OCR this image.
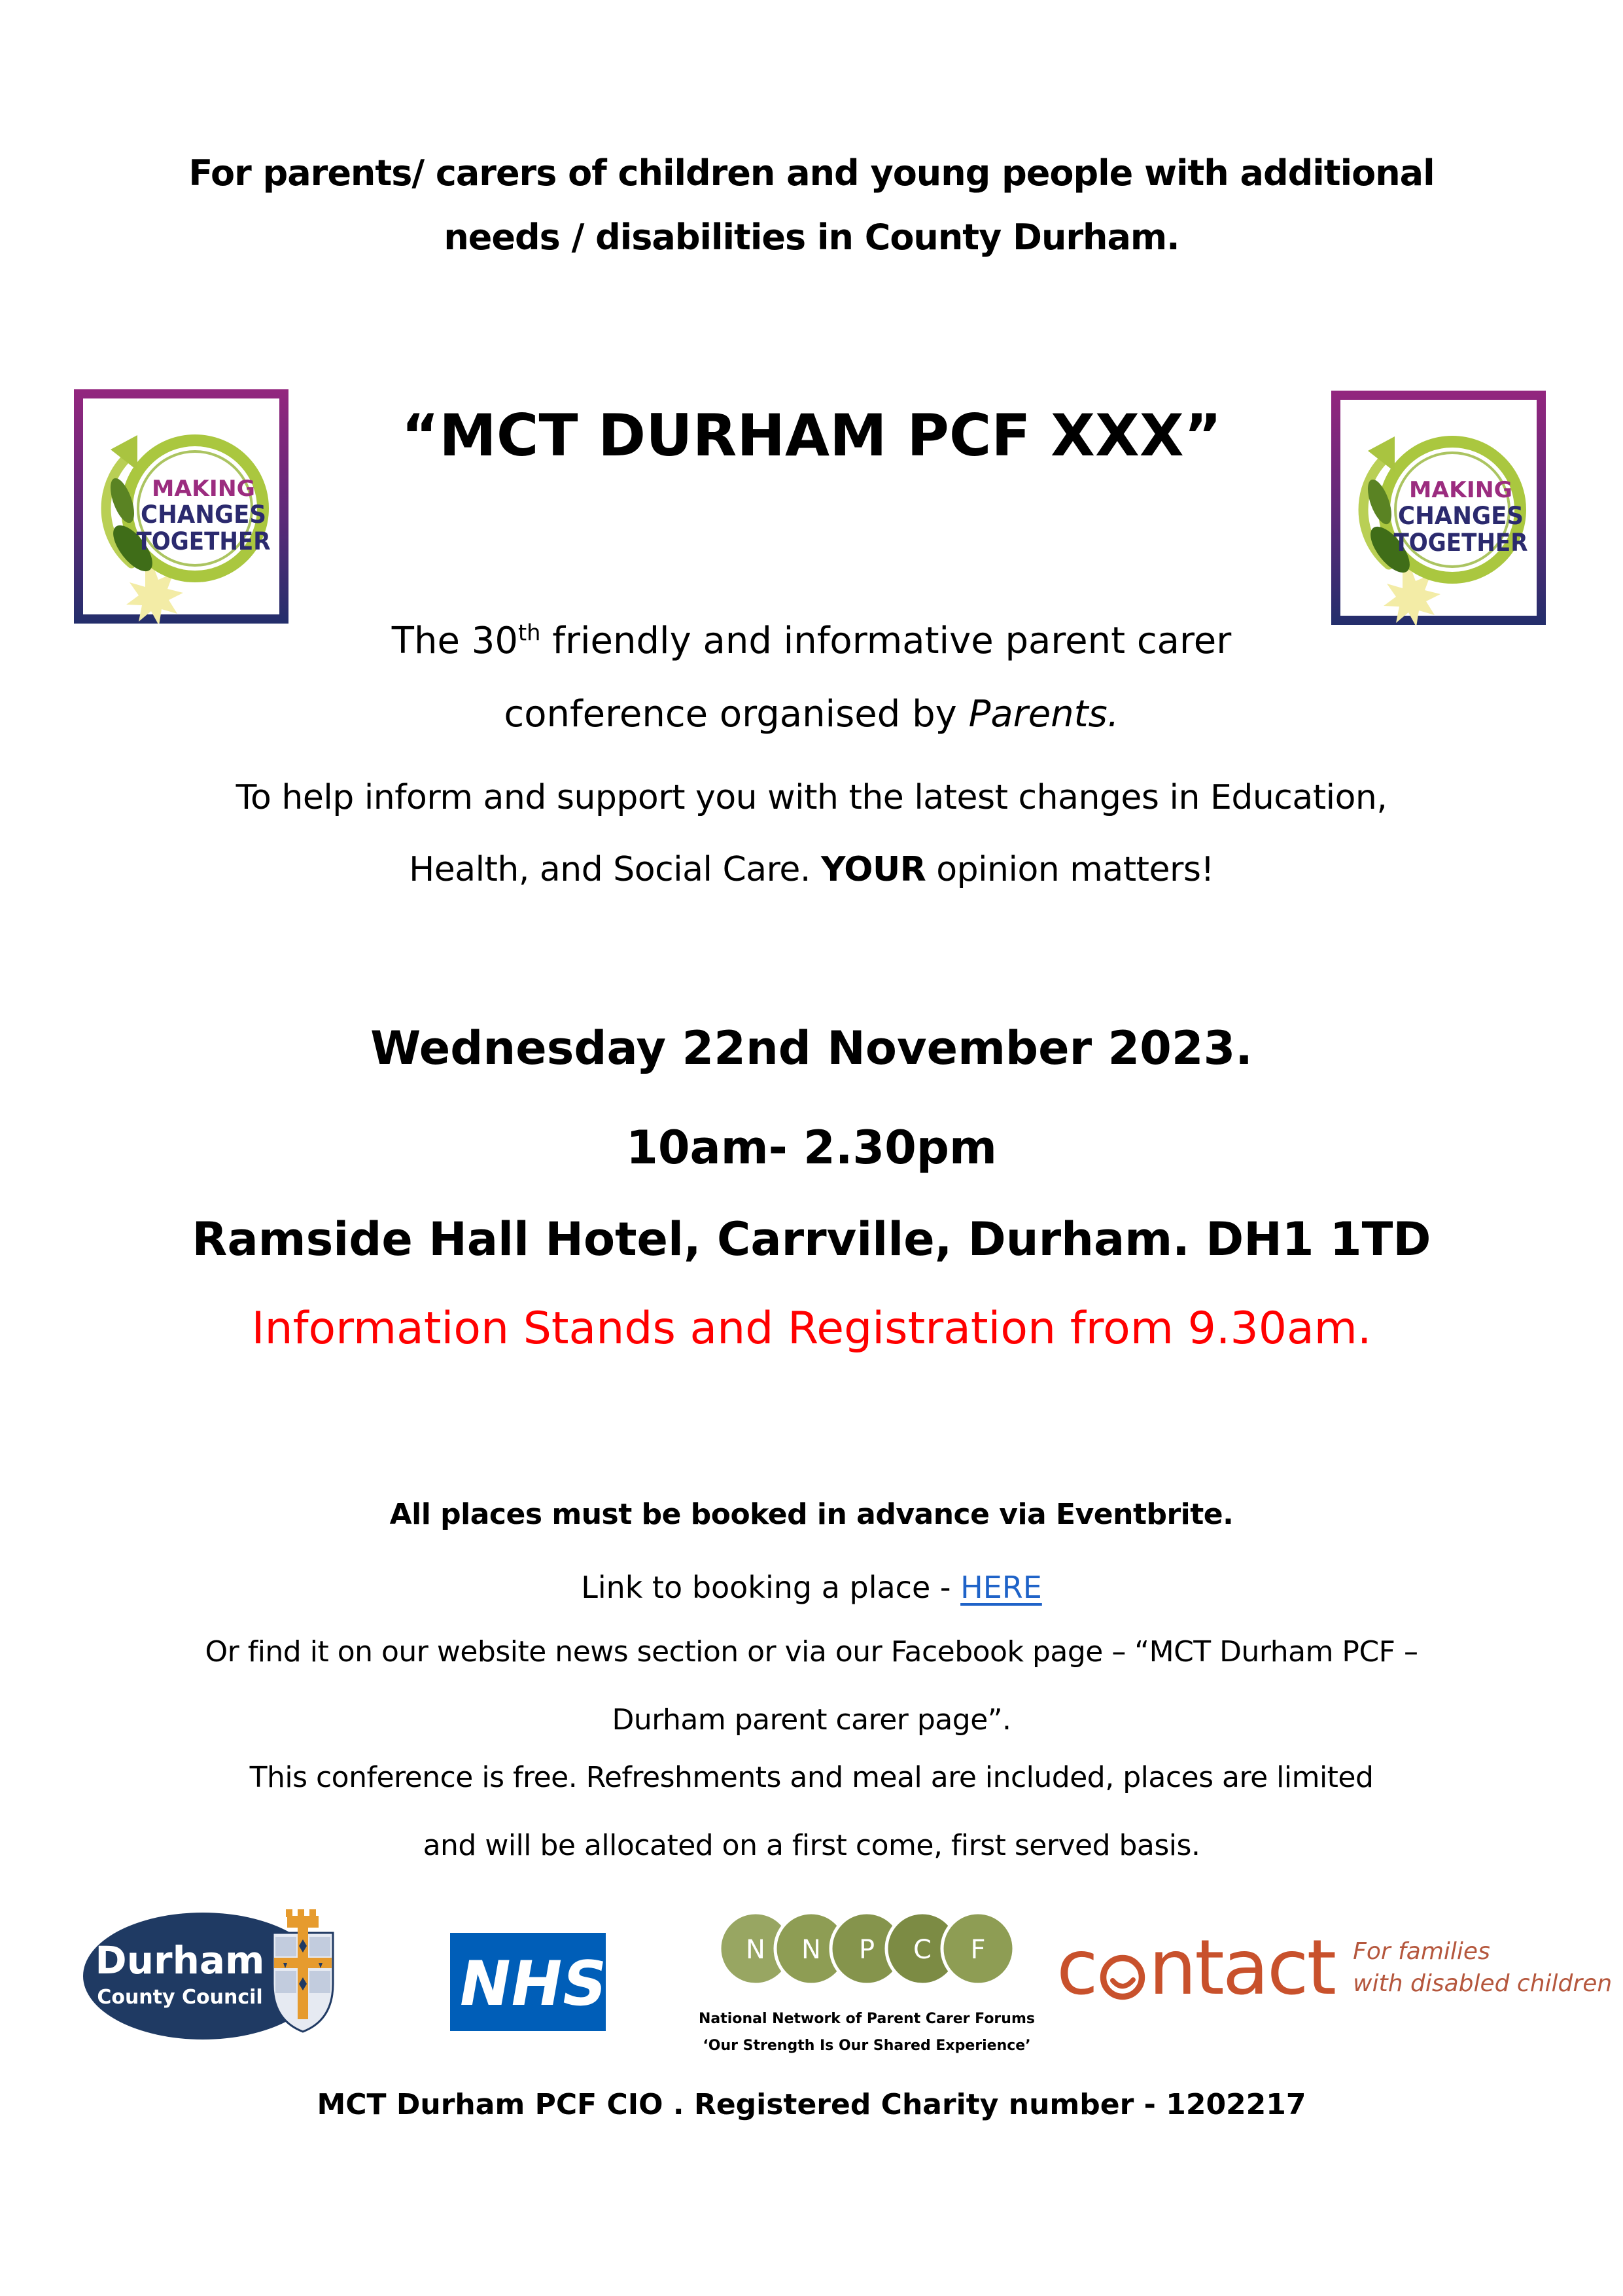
For parents/ carers of children and young people with additional
needs / disabilities in County Durham.
MAKING
CHANGES
TOGETHER
MAKING
CHANGES
TOGETHER
“MCT DURHAM PCF XXX”
The 30th friendly and informative parent carer
conference organised by Parents.
To help inform and support you with the latest changes in Education,
Health, and Social Care. YOUR opinion matters!
Wednesday 22nd November 2023.
10am- 2.30pm
Ramside Hall Hotel, Carrville, Durham. DH1 1TD
Information Stands and Registration from 9.30am.
All places must be booked in advance via Eventbrite.
Link to booking a place - HERE
Or find it on our website news section or via our Facebook page – “MCT Durham PCF –
Durham parent carer page”.
This conference is free. Refreshments and meal are included, places are limited
and will be allocated on a first come, first served basis.
Durham
County Council	NHS	N N P C F
National Network of Parent Carer Forums
‘Our Strength Is Our Shared Experience’
c ntact For families
with disabled children
MCT Durham PCF CIO . Registered Charity number - 1202217
